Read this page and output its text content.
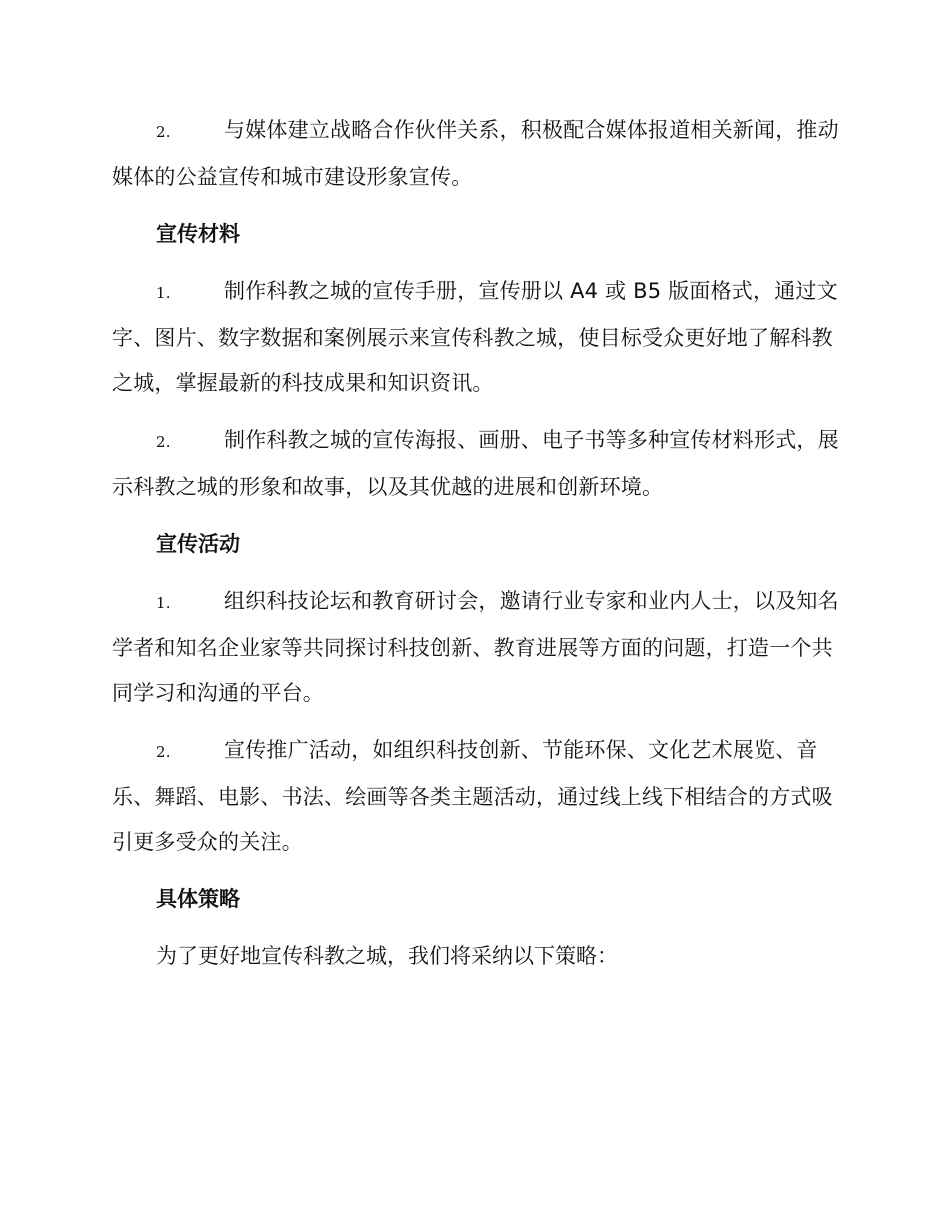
2.	与媒体建立战略合作伙伴关系，积极配合媒体报道相关新闻，推动媒体的公益宣传和城市建设形象宣传。

宣传材料

1.	制作科教之城的宣传手册，宣传册以 A4 或 B5 版面格式，通过文字、图片、数字数据和案例展示来宣传科教之城，使目标受众更好地了解科教之城，掌握最新的科技成果和知识资讯。

2.	制作科教之城的宣传海报、画册、电子书等多种宣传材料形式，展示科教之城的形象和故事，以及其优越的进展和创新环境。

宣传活动

1.	组织科技论坛和教育研讨会，邀请行业专家和业内人士，以及知名学者和知名企业家等共同探讨科技创新、教育进展等方面的问题，打造一个共同学习和沟通的平台。

2.	宣传推广活动，如组织科技创新、节能环保、文化艺术展览、音乐、舞蹈、电影、书法、绘画等各类主题活动，通过线上线下相结合的方式吸引更多受众的关注。

具体策略

为了更好地宣传科教之城，我们将采纳以下策略：
